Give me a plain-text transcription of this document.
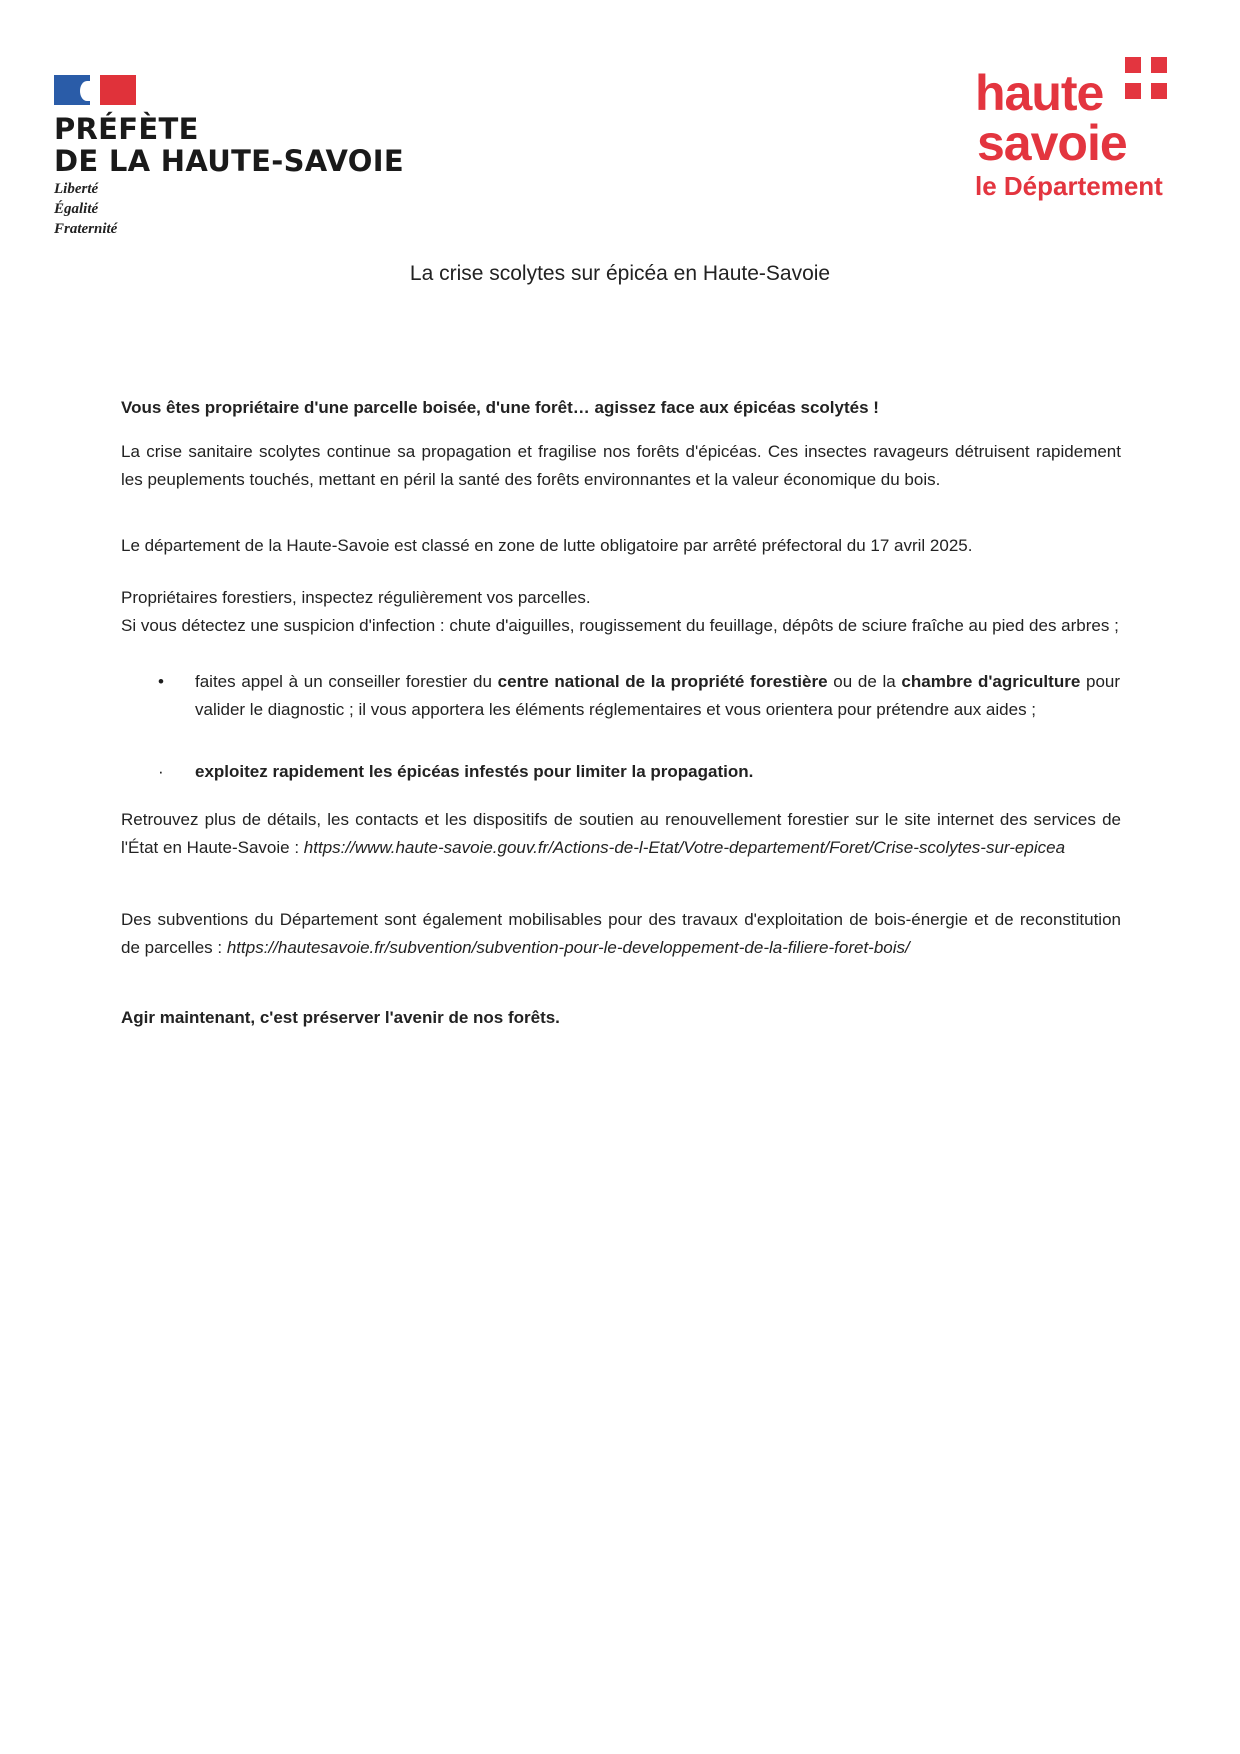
PRÉFÈTE
DE LA HAUTE-SAVOIE
Liberté
Égalité
Fraternité
haute
savoie
le Département
La crise scolytes sur épicéa en Haute-Savoie

Vous êtes propriétaire d'une parcelle boisée, d'une forêt… agissez face aux épicéas scolytés !

La crise sanitaire scolytes continue sa propagation et fragilise nos forêts d'épicéas. Ces insectes ravageurs détruisent rapidement les peuplements touchés, mettant en péril la santé des forêts environnantes et la valeur économique du bois.

Le département de la Haute-Savoie est classé en zone de lutte obligatoire par arrêté préfectoral du 17 avril 2025.

Propriétaires forestiers, inspectez régulièrement vos parcelles.

Si vous détectez une suspicion d'infection : chute d'aiguilles, rougissement du feuillage, dépôts de sciure fraîche au pied des arbres ;

• faites appel à un conseiller forestier du centre national de la propriété forestière ou de la chambre d'agriculture pour valider le diagnostic ; il vous apportera les éléments réglementaires et vous orientera pour prétendre aux aides ;

· exploitez rapidement les épicéas infestés pour limiter la propagation.

Retrouvez plus de détails, les contacts et les dispositifs de soutien au renouvellement forestier sur le site internet des services de l'État en Haute-Savoie : https://www.haute-savoie.gouv.fr/Actions-de-l-Etat/Votre-departement/Foret/Crise-scolytes-sur-epicea

Des subventions du Département sont également mobilisables pour des travaux d'exploitation de bois-énergie et de reconstitution de parcelles : https://hautesavoie.fr/subvention/subvention-pour-le-developpement-de-la-filiere-foret-bois/

Agir maintenant, c'est préserver l'avenir de nos forêts.
